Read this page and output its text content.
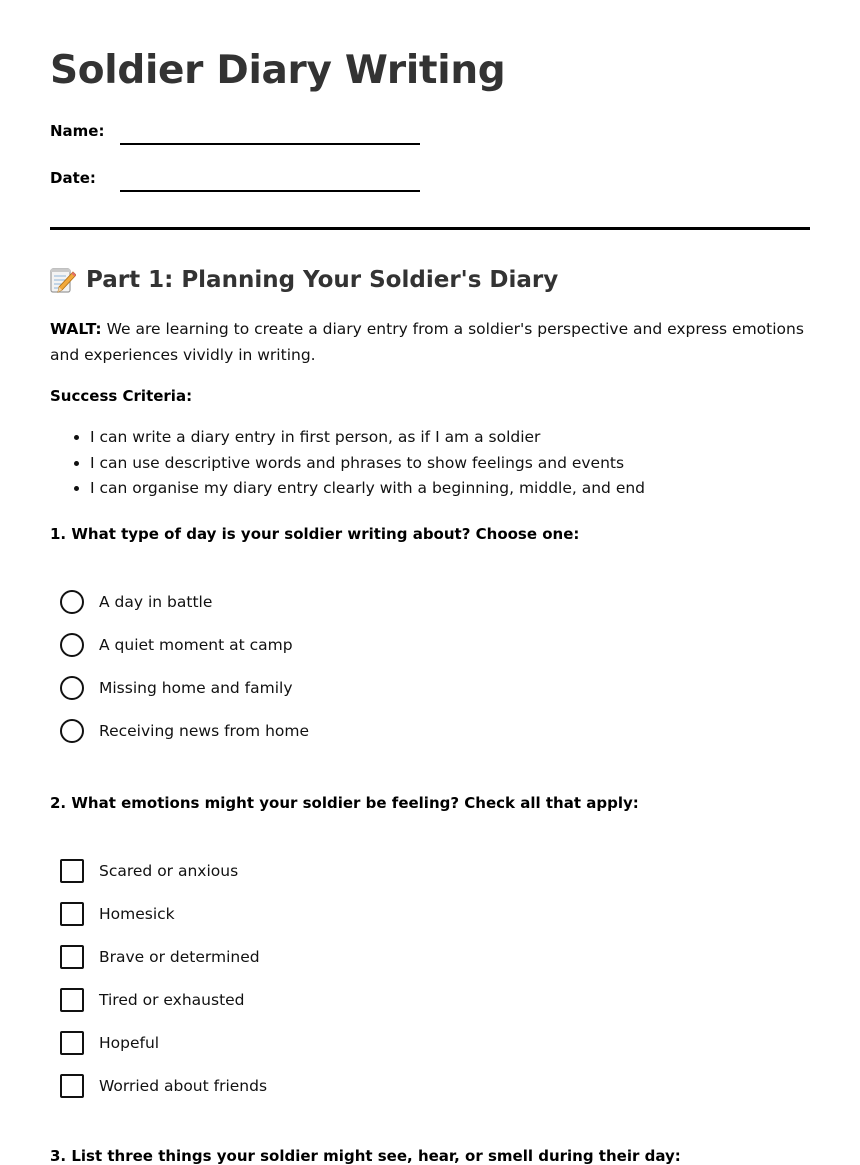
Soldier Diary Writing
Name:
Date:
Part 1: Planning Your Soldier's Diary

WALT: We are learning to create a diary entry from a soldier's perspective and express emotions and experiences vividly in writing.

Success Criteria:

• I can write a diary entry in first person, as if I am a soldier
• I can use descriptive words and phrases to show feelings and events
• I can organise my diary entry clearly with a beginning, middle, and end

1. What type of day is your soldier writing about? Choose one:

A day in battle
A quiet moment at camp
Missing home and family
Receiving news from home

2. What emotions might your soldier be feeling? Check all that apply:

Scared or anxious
Homesick
Brave or determined
Tired or exhausted
Hopeful
Worried about friends

3. List three things your soldier might see, hear, or smell during their day:
